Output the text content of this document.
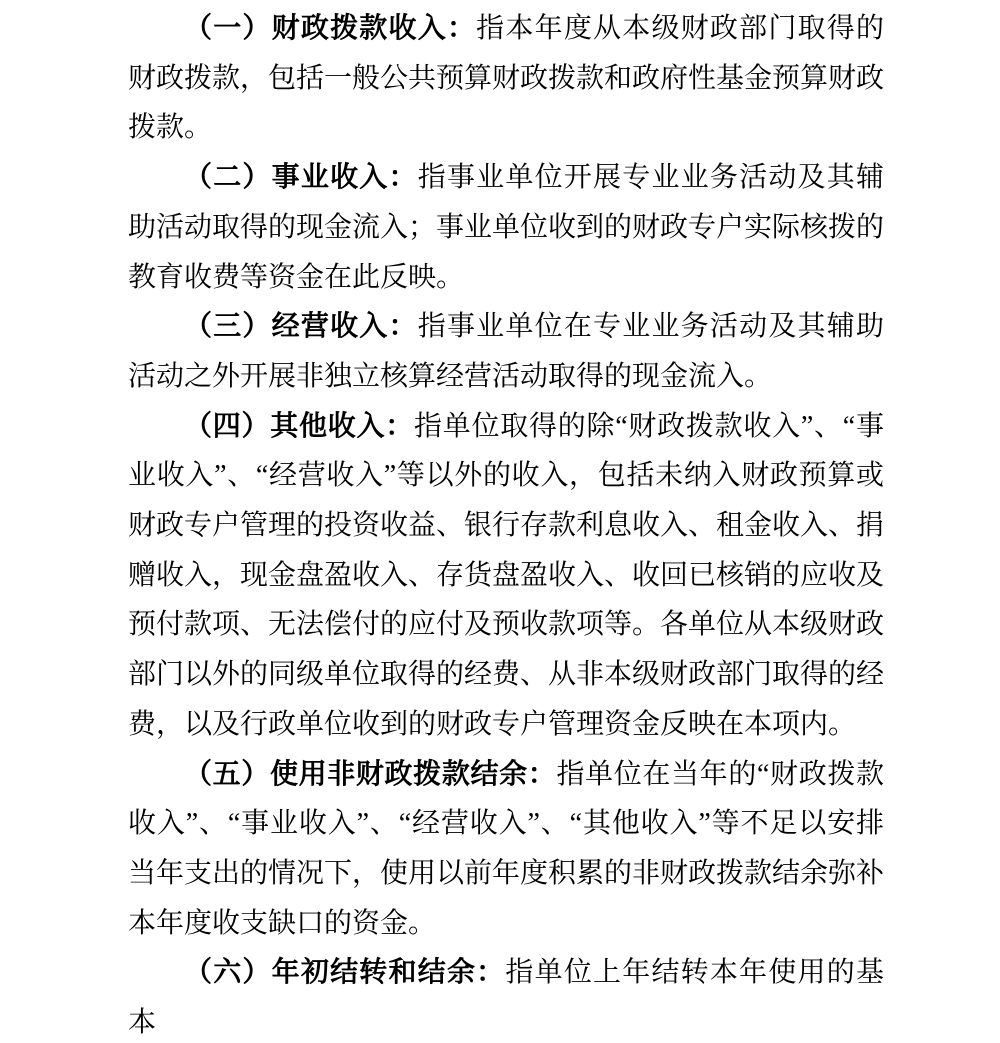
（一）财政拨款收入：指本年度从本级财政部门取得的财政拨款，包括一般公共预算财政拨款和政府性基金预算财政拨款。

（二）事业收入：指事业单位开展专业业务活动及其辅助活动取得的现金流入；事业单位收到的财政专户实际核拨的教育收费等资金在此反映。

（三）经营收入：指事业单位在专业业务活动及其辅助活动之外开展非独立核算经营活动取得的现金流入。

（四）其他收入：指单位取得的除“财政拨款收入”、“事业收入”、“经营收入”等以外的收入，包括未纳入财政预算或财政专户管理的投资收益、银行存款利息收入、租金收入、捐赠收入，现金盘盈收入、存货盘盈收入、收回已核销的应收及预付款项、无法偿付的应付及预收款项等。各单位从本级财政部门以外的同级单位取得的经费、从非本级财政部门取得的经费，以及行政单位收到的财政专户管理资金反映在本项内。

（五）使用非财政拨款结余：指单位在当年的“财政拨款收入”、“事业收入”、“经营收入”、“其他收入”等不足以安排当年支出的情况下，使用以前年度积累的非财政拨款结余弥补本年度收支缺口的资金。

（六）年初结转和结余：指单位上年结转本年使用的基本
